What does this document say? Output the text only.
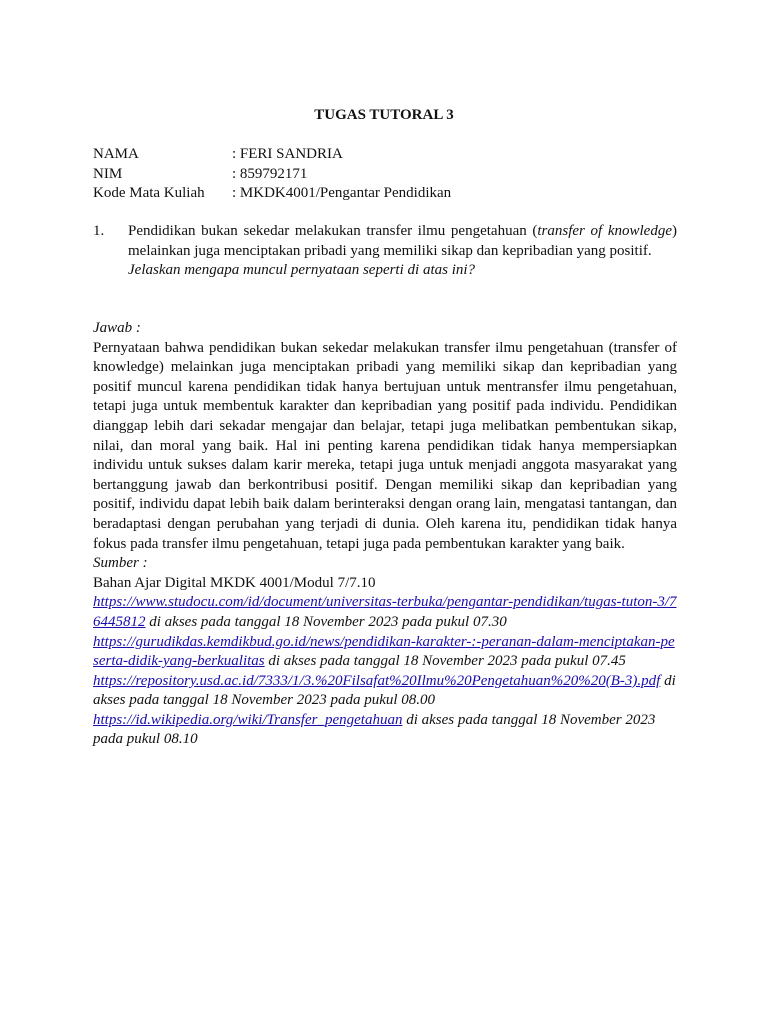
TUGAS TUTORAL 3
NAMA	: FERI SANDRIA
NIM	: 859792171
Kode Mata Kuliah	: MKDK4001/Pengantar Pendidikan
1. Pendidikan bukan sekedar melakukan transfer ilmu pengetahuan (transfer of knowledge) melainkan juga menciptakan pribadi yang memiliki sikap dan kepribadian yang positif.
Jelaskan mengapa muncul pernyataan seperti di atas ini?

Jawab :

Pernyataan bahwa pendidikan bukan sekedar melakukan transfer ilmu pengetahuan (transfer of knowledge) melainkan juga menciptakan pribadi yang memiliki sikap dan kepribadian yang positif muncul karena pendidikan tidak hanya bertujuan untuk mentransfer ilmu pengetahuan, tetapi juga untuk membentuk karakter dan kepribadian yang positif pada individu. Pendidikan dianggap lebih dari sekadar mengajar dan belajar, tetapi juga melibatkan pembentukan sikap, nilai, dan moral yang baik. Hal ini penting karena pendidikan tidak hanya mempersiapkan individu untuk sukses dalam karir mereka, tetapi juga untuk menjadi anggota masyarakat yang bertanggung jawab dan berkontribusi positif. Dengan memiliki sikap dan kepribadian yang positif, individu dapat lebih baik dalam berinteraksi dengan orang lain, mengatasi tantangan, dan beradaptasi dengan perubahan yang terjadi di dunia. Oleh karena itu, pendidikan tidak hanya fokus pada transfer ilmu pengetahuan, tetapi juga pada pembentukan karakter yang baik.

Sumber :

Bahan Ajar Digital MKDK 4001/Modul 7/7.10

https://www.studocu.com/id/document/universitas-terbuka/pengantar-pendidikan/tugas-tuton-3/76445812 di akses pada tanggal 18 November 2023 pada pukul 07.30

https://gurudikdas.kemdikbud.go.id/news/pendidikan-karakter-:-peranan-dalam-menciptakan-peserta-didik-yang-berkualitas di akses pada tanggal 18 November 2023 pada pukul 07.45

https://repository.usd.ac.id/7333/1/3.%20Filsafat%20Ilmu%20Pengetahuan%20%20(B-3).pdf di akses pada tanggal 18 November 2023 pada pukul 08.00

https://id.wikipedia.org/wiki/Transfer_pengetahuan di akses pada tanggal 18 November 2023 pada pukul 08.10
